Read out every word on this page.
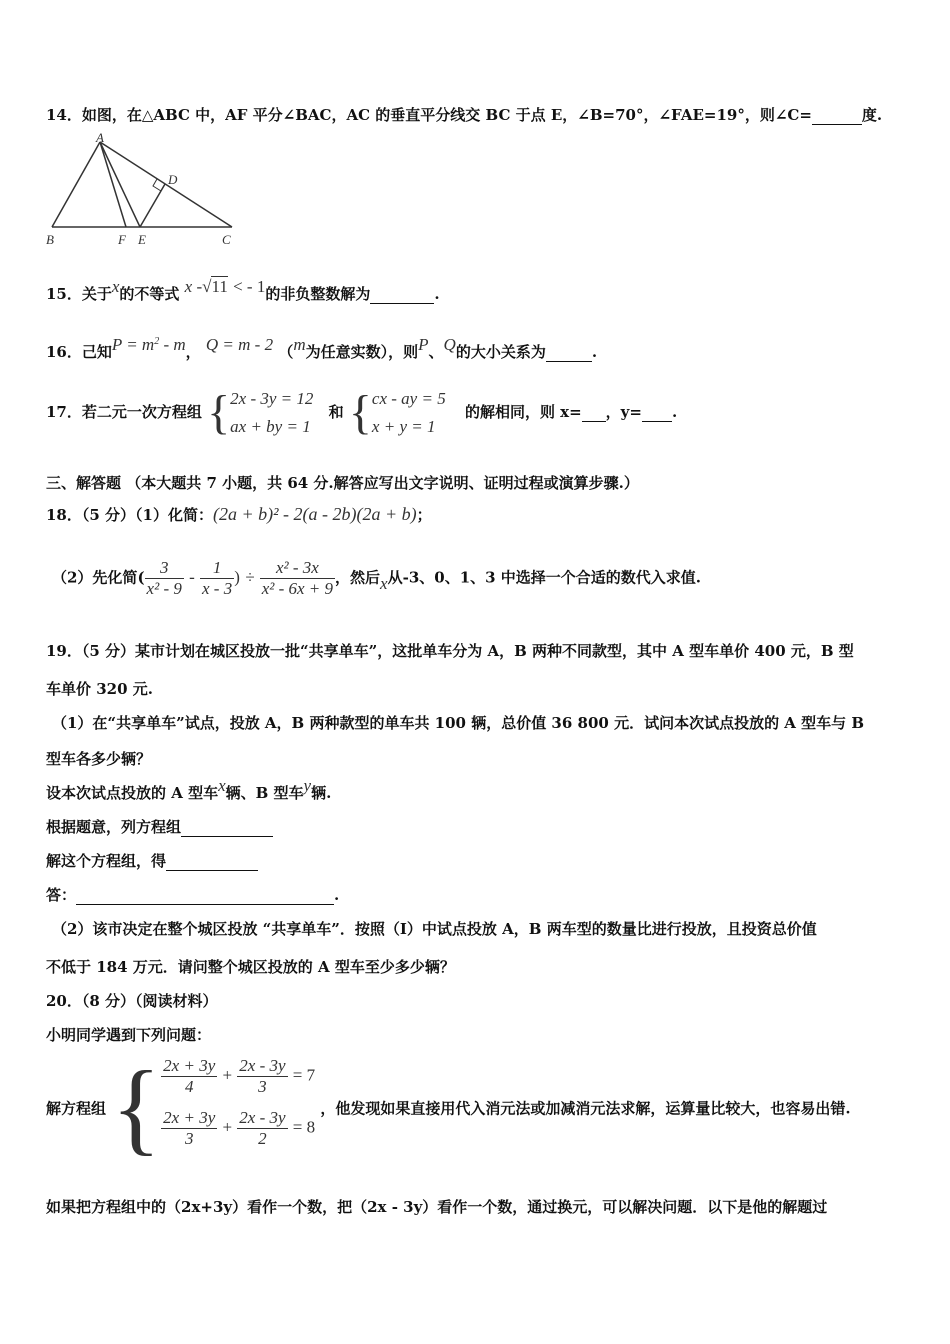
14．如图，在△ABC 中，AF 平分∠BAC，AC 的垂直平分线交 BC 于点 E，∠B=70°，∠FAE=19°，则∠C=	度.
A
B	C
D
E
F
15．关于x的不等式 x -√11 < - 1的非负整数解为	.
16．己知$P = m^2 - m$， Q = m - 2 （m为任意实数），则P、Q的大小关系为	.
17．若二元一次方程组 { 2x - 3y = 12
ax + by = 1
和 { cx - ay = 5
x + y = 1
的解相同，则 x= ，y= .
三、解答题 （本大题共 7 小题，共 64 分.解答应写出文字说明、证明过程或演算步骤.）
18．（5 分）（1）化简：(2a + b)² - 2(a - 2b)(2a + b)；
（2）先化简( $\frac{3}{\text{x² - 9}} - \frac{1}{x - 3}$ ) ÷ $\frac{\text{x² - 3x}}{\text{x² - 6x + 9}}$ ，然后x从-3、0、1、3 中选择一个合适的数代入求值.
19．（5 分）某市计划在城区投放一批“共享单车”，这批单车分为 A，B 两种不同款型，其中 A 型车单价 400 元，B 型
车单价 320 元.
（1）在“共享单车”试点，投放 A，B 两种款型的单车共 100 辆，总价值 36 800 元．试问本次试点投放的 A 型车与 B
型车各多少辆？
设本次试点投放的 A 型车x辆、B 型车y辆.
根据题意，列方程组
解这个方程组，得
答：	.
（2）该市决定在整个城区投放 “共享单车”．按照（Ⅰ）中试点投放 A，B 两车型的数量比进行投放，且投资总价值
不低于 184 万元．请问整个城区投放的 A 型车至少多少辆？
20．（8 分）（阅读材料）
小明同学遇到下列问题：
解方程组 { $\frac{2x + 3y}{4} + \frac{2x - 3y}{3} = 7$
$\frac{2x + 3y}{3} + \frac{2x - 3y}{2} = 8$
，他发现如果直接用代入消元法或加减消元法求解，运算量比较大，也容易出错.
如果把方程组中的（2x+3y）看作一个数，把（2x - 3y）看作一个数，通过换元，可以解决问题．以下是他的解题过
